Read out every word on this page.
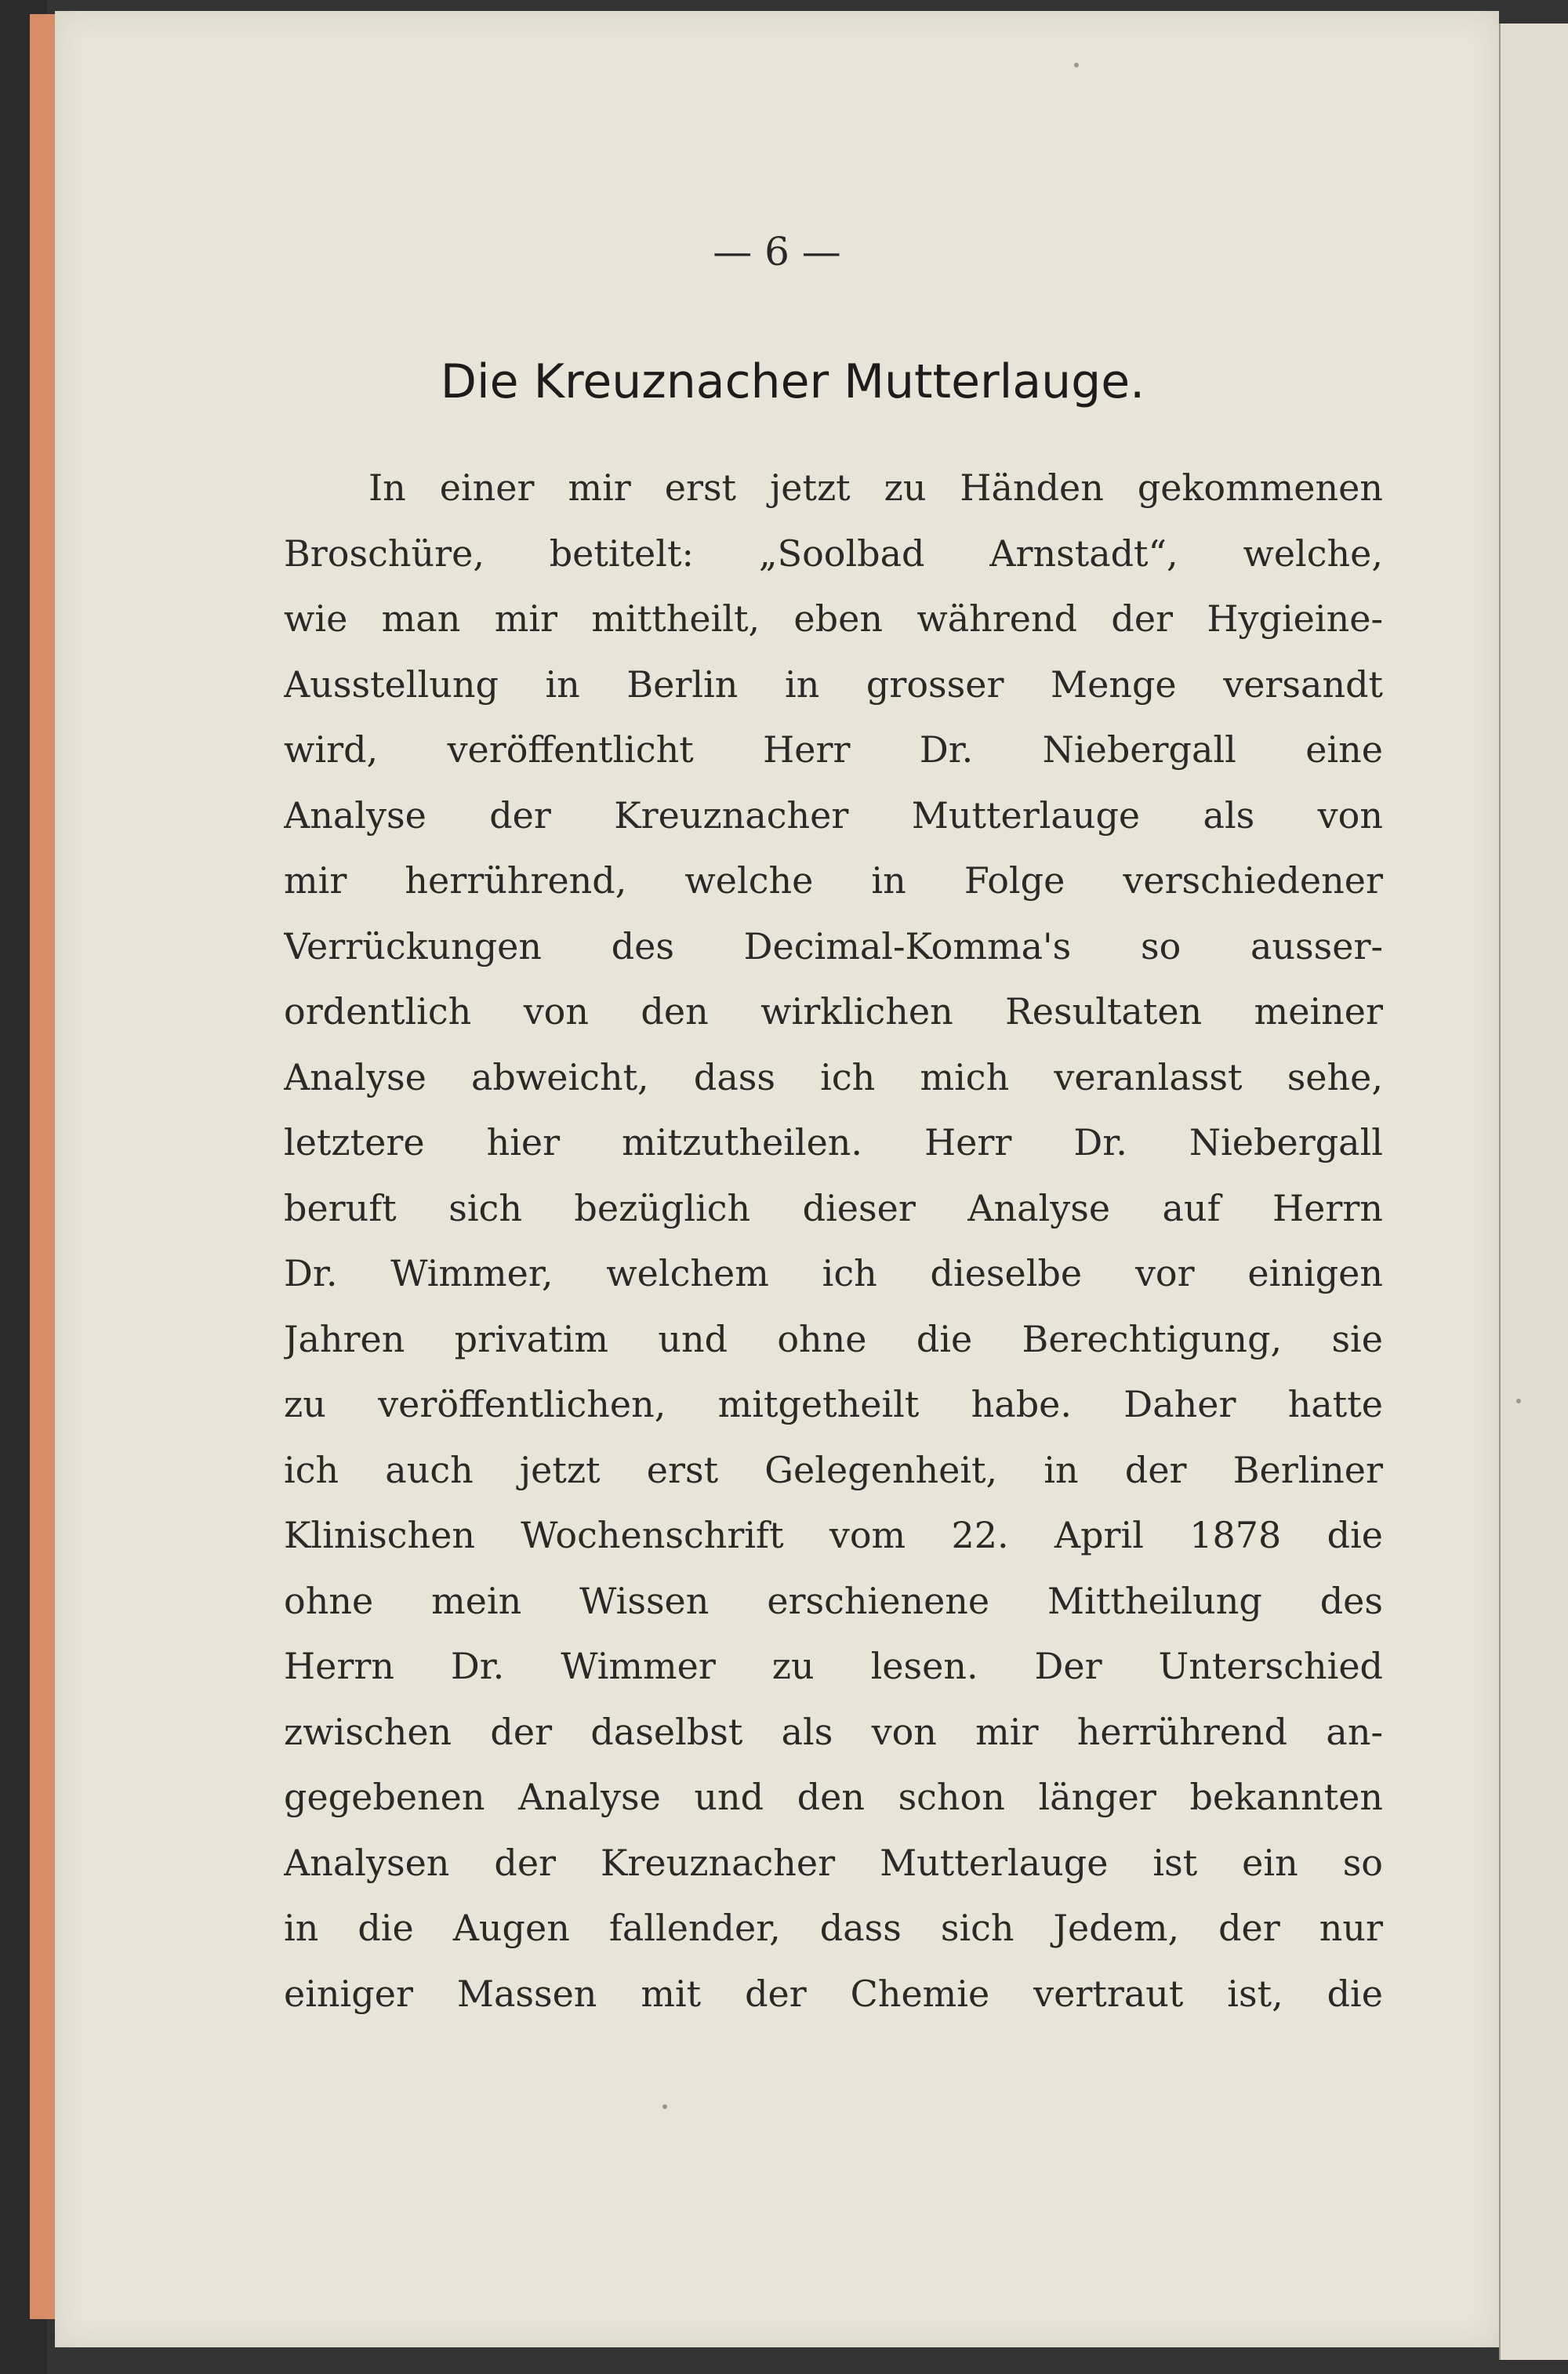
— 6 —
Die Kreuznacher Mutterlauge.
In einer mir erst jetzt zu Händen gekommenen
Broschüre, betitelt: „Soolbad Arnstadt“, welche,
wie man mir mittheilt, eben während der Hygieine-
Ausstellung in Berlin in grosser Menge versandt
wird, veröffentlicht Herr Dr. Niebergall eine
Analyse der Kreuznacher Mutterlauge als von
mir herrührend, welche in Folge verschiedener
Verrückungen des Decimal-Komma's so ausser-
ordentlich von den wirklichen Resultaten meiner
Analyse abweicht, dass ich mich veranlasst sehe,
letztere hier mitzutheilen. Herr Dr. Niebergall
beruft sich bezüglich dieser Analyse auf Herrn
Dr. Wimmer, welchem ich dieselbe vor einigen
Jahren privatim und ohne die Berechtigung, sie
zu veröffentlichen, mitgetheilt habe. Daher hatte
ich auch jetzt erst Gelegenheit, in der Berliner
Klinischen Wochenschrift vom 22. April 1878 die
ohne mein Wissen erschienene Mittheilung des
Herrn Dr. Wimmer zu lesen. Der Unterschied
zwischen der daselbst als von mir herrührend an-
gegebenen Analyse und den schon länger bekannten
Analysen der Kreuznacher Mutterlauge ist ein so
in die Augen fallender, dass sich Jedem, der nur
einiger Massen mit der Chemie vertraut ist, die
